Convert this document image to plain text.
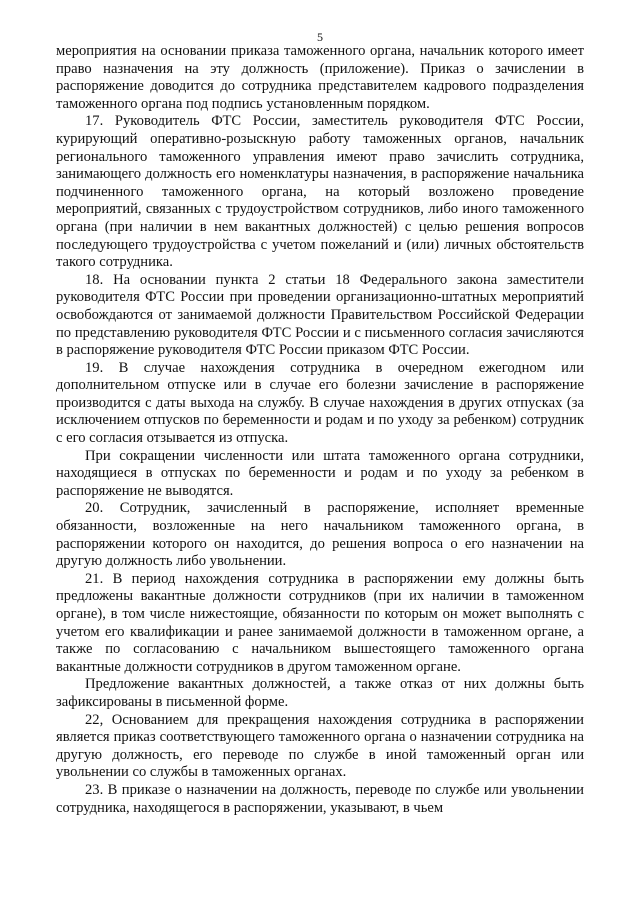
5

мероприятия на основании приказа таможенного органа, начальник которого имеет право назначения на эту должность (приложение). Приказ о зачислении в распоряжение доводится до сотрудника представителем кадрового подразделения таможенного органа под подпись установленным порядком.

17. Руководитель ФТС России, заместитель руководителя ФТС России, курирующий оперативно-розыскную работу таможенных органов, начальник регионального таможенного управления имеют право зачислить сотрудника, занимающего должность его номенклатуры назначения, в распоряжение начальника подчиненного таможенного органа, на который возложено проведение мероприятий, связанных с трудоустройством сотрудников, либо иного таможенного органа (при наличии в нем вакантных должностей) с целью решения вопросов последующего трудоустройства с учетом пожеланий и (или) личных обстоятельств такого сотрудника.

18. На основании пункта 2 статьи 18 Федерального закона заместители руководителя ФТС России при проведении организационно-штатных мероприятий освобождаются от занимаемой должности Правительством Российской Федерации по представлению руководителя ФТС России и с письменного согласия зачисляются в распоряжение руководителя ФТС России приказом ФТС России.

19. В случае нахождения сотрудника в очередном ежегодном или дополнительном отпуске или в случае его болезни зачисление в распоряжение производится с даты выхода на службу. В случае нахождения в других отпусках (за исключением отпусков по беременности и родам и по уходу за ребенком) сотрудник с его согласия отзывается из отпуска.

При сокращении численности или штата таможенного органа сотрудники, находящиеся в отпусках по беременности и родам и по уходу за ребенком в распоряжение не выводятся.

20. Сотрудник, зачисленный в распоряжение, исполняет временные обязанности, возложенные на него начальником таможенного органа, в распоряжении которого он находится, до решения вопроса о его назначении на другую должность либо увольнении.

21. В период нахождения сотрудника в распоряжении ему должны быть предложены вакантные должности сотрудников (при их наличии в таможенном органе), в том числе нижестоящие, обязанности по которым он может выполнять с учетом его квалификации и ранее занимаемой должности в таможенном органе, а также по согласованию с начальником вышестоящего таможенного органа вакантные должности сотрудников в другом таможенном органе.

Предложение вакантных должностей, а также отказ от них должны быть зафиксированы в письменной форме.

22, Основанием для прекращения нахождения сотрудника в распоряжении является приказ соответствующего таможенного органа о назначении сотрудника на другую должность, его переводе по службе в иной таможенный орган или увольнении со службы в таможенных органах.

23. В приказе о назначении на должность, переводе по службе или увольнении сотрудника, находящегося в распоряжении, указывают, в чьем
